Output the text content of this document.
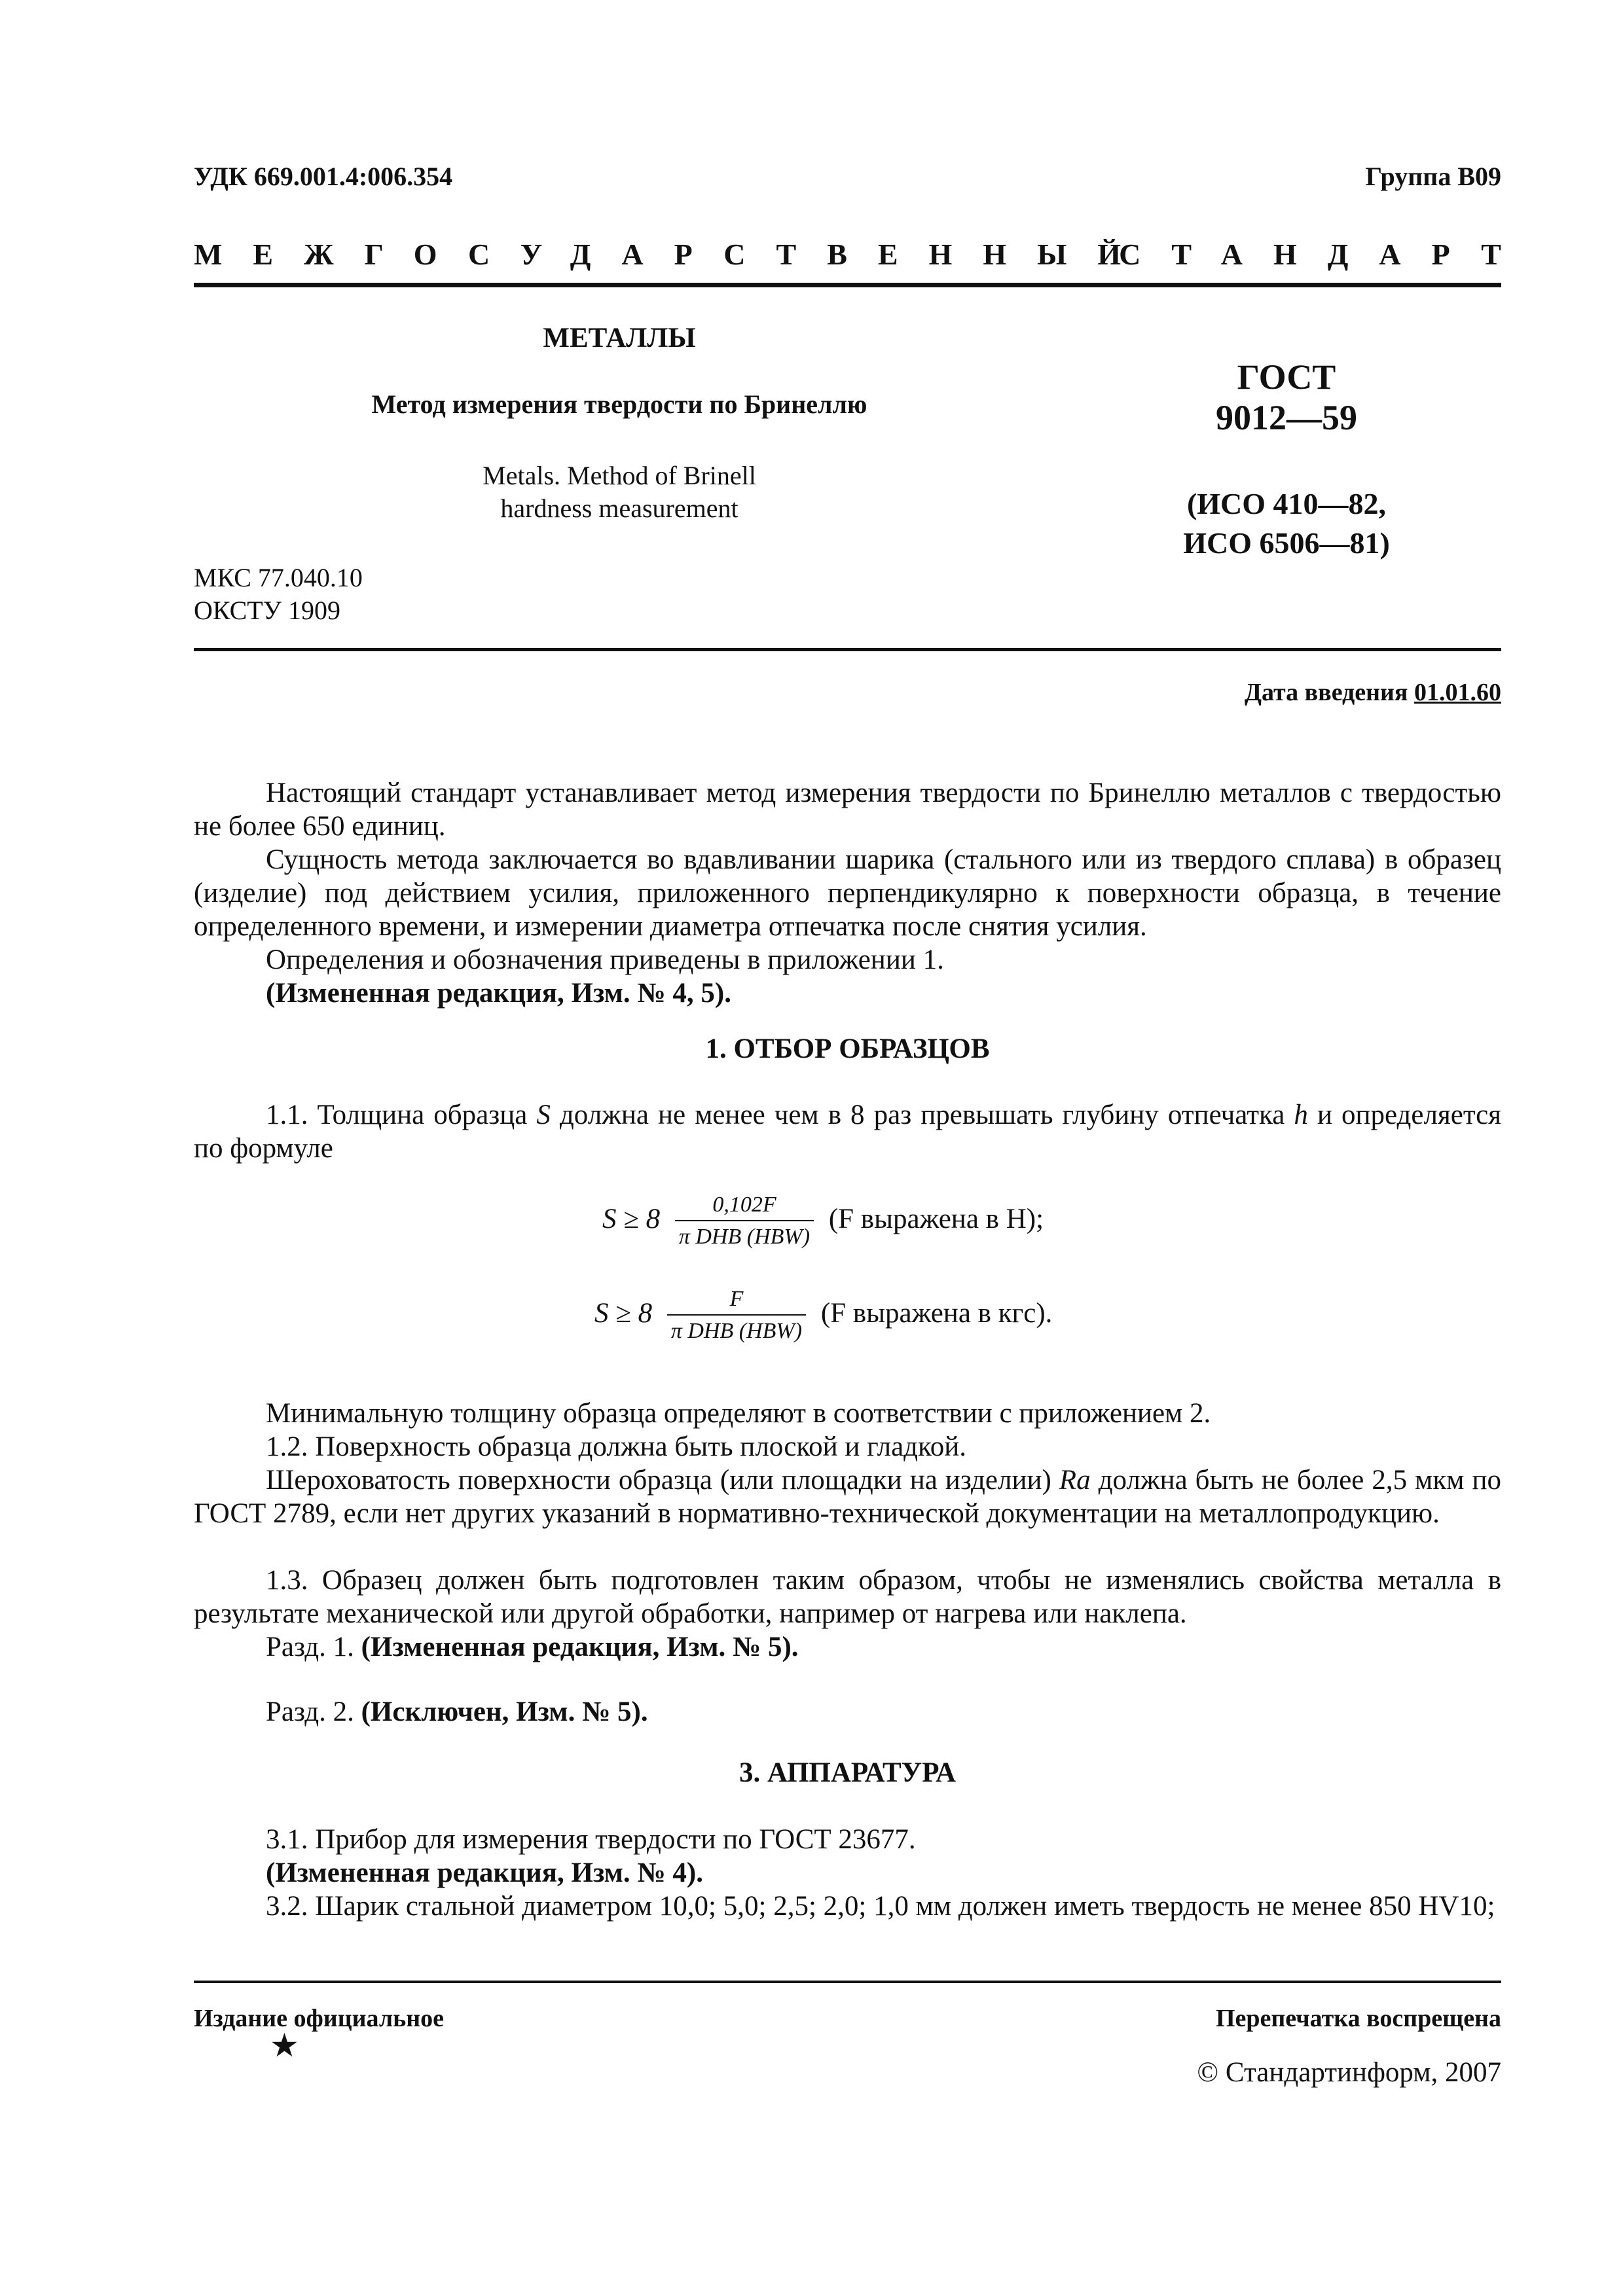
УДК 669.001.4:006.354	Группа В09
МЕЖГОСУДАРСТВЕННЫЙ
СТАНДАРТ
МЕТАЛЛЫ
Метод измерения твердости по Бринеллю
Metals. Method of Brinell
hardness measurement
ГОСТ
9012—59
(ИСО 410—82,
ИСО 6506—81)
МКС 77.040.10
ОКСТУ 1909
Дата введения 01.01.60
Настоящий стандарт устанавливает метод измерения твердости по Бринеллю металлов с твердостью не более 650 единиц.
Сущность метода заключается во вдавливании шарика (стального или из твердого сплава) в образец (изделие) под действием усилия, приложенного перпендикулярно к поверхности образца, в течение определенного времени, и измерении диаметра отпечатка после снятия усилия.
Определения и обозначения приведены в приложении 1.
(Измененная редакция, Изм. № 4, 5).
1. ОТБОР ОБРАЗЦОВ
1.1. Толщина образца S должна не менее чем в 8 раз превышать глубину отпечатка h и определяется по формуле
$S \ge 8 \frac{0,102F}{\text{π DHB (HBW)}} (F$ выражена в Н);
$S \ge 8 \frac{F}{\text{π DHB (HBW)}} (F$ выражена в кгс).
Минимальную толщину образца определяют в соответствии с приложением 2.
1.2. Поверхность образца должна быть плоской и гладкой.
Шероховатость поверхности образца (или площадки на изделии) Ra должна быть не более 2,5 мкм по ГОСТ 2789, если нет других указаний в нормативно-технической документации на металлопродукцию.
1.3. Образец должен быть подготовлен таким образом, чтобы не изменялись свойства металла в результате механической или другой обработки, например от нагрева или наклепа.
Разд. 1. (Измененная редакция, Изм. № 5).
Разд. 2. (Исключен, Изм. № 5).
3. АППАРАТУРА
3.1. Прибор для измерения твердости по ГОСТ 23677.
(Измененная редакция, Изм. № 4).
3.2. Шарик стальной диаметром 10,0; 5,0; 2,5; 2,0; 1,0 мм должен иметь твердость не менее 850 HV10;
Издание официальное
★
Перепечатка воспрещена
© Стандартинформ, 2007
